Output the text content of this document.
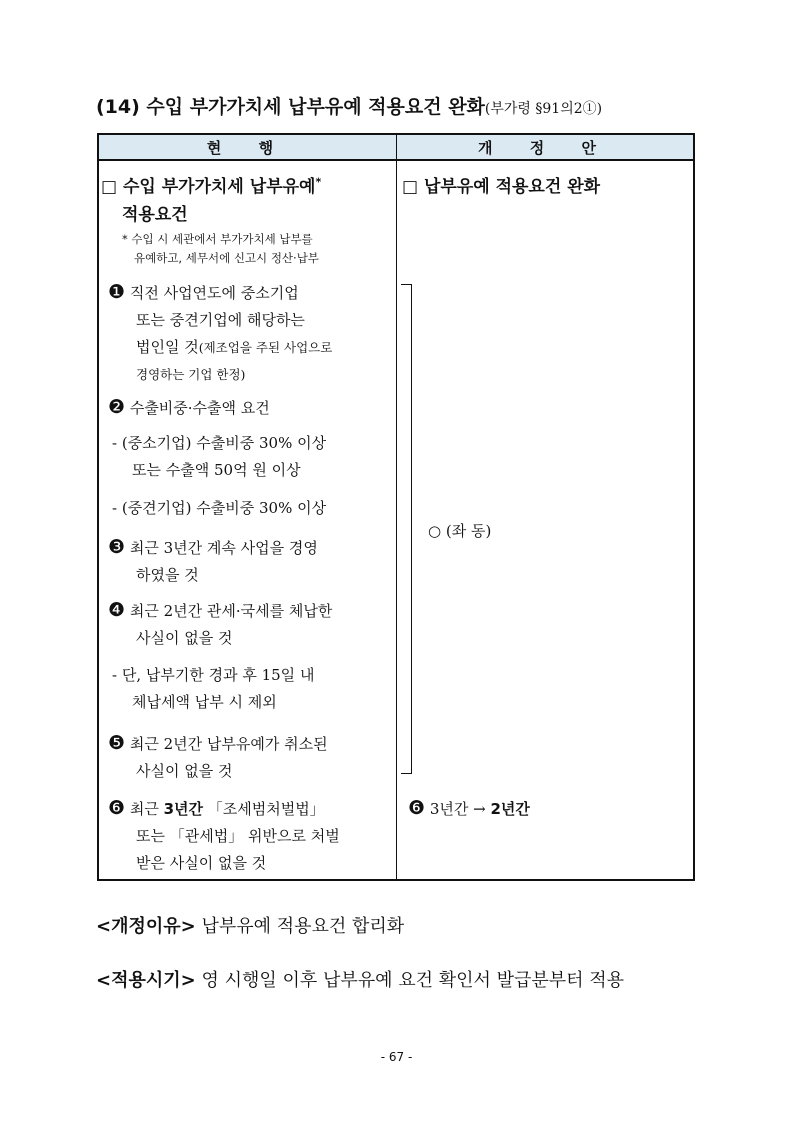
(14) 수입 부가가치세 납부유예 적용요건 완화(부가령 §91의2①)
현 행	개 정 안
□ 수입 부가가치세 납부유예*
적용요건
* 수입 시 세관에서 부가가치세 납부를
유예하고, 세무서에 신고시 정산·납부
❶ 직전 사업연도에 중소기업
또는 중견기업에 해당하는
법인일 것(제조업을 주된 사업으로
경영하는 기업 한정)
❷ 수출비중·수출액 요건
- (중소기업) 수출비중 30% 이상
또는 수출액 50억 원 이상
- (중견기업) 수출비중 30% 이상
❸ 최근 3년간 계속 사업을 경영
하였을 것
❹ 최근 2년간 관세·국세를 체납한
사실이 없을 것
- 단, 납부기한 경과 후 15일 내
체납세액 납부 시 제외
❺ 최근 2년간 납부유예가 취소된
사실이 없을 것
❻ 최근 3년간 「조세범처벌법」
또는 「관세법」 위반으로 처벌
받은 사실이 없을 것
□ 납부유예 적용요건 완화
○ (좌 동)
❻ 3년간 → 2년간
<개정이유> 납부유예 적용요건 합리화
<적용시기> 영 시행일 이후 납부유예 요건 확인서 발급분부터 적용
- 67 -
